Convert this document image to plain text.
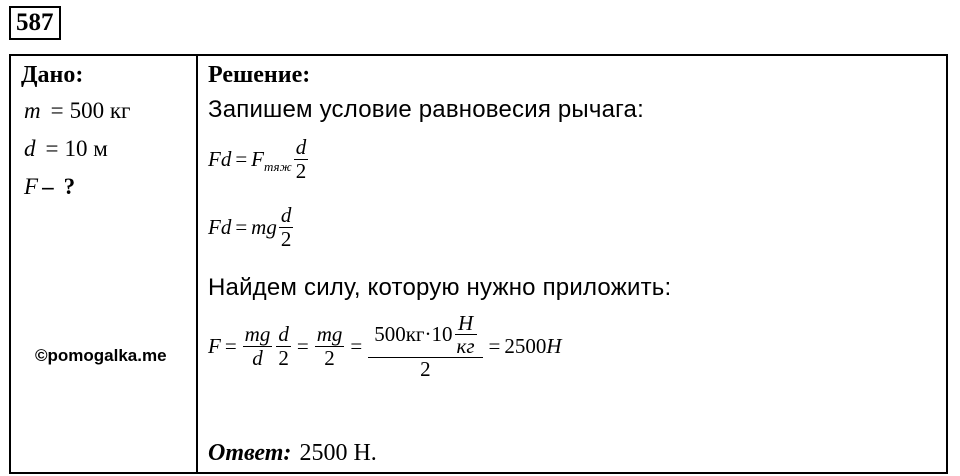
587
Дано:
m = 500 кг
d = 10 м
F – ?
©pomogalka.me
Решение:
Запишем условие равновесия рычага:
Fd = F тяж $\frac{d}{2}$
Fd = mg $\frac{d}{2}$
Найдем силу, которую нужно приложить:
$F = \frac{mg}{d} \frac{d}{2} = \frac{mg}{2}$ =
$500кг\cdot 10 \frac{Н}{кг}$
2
= 2500 Н
Ответ: 2500 Н.
